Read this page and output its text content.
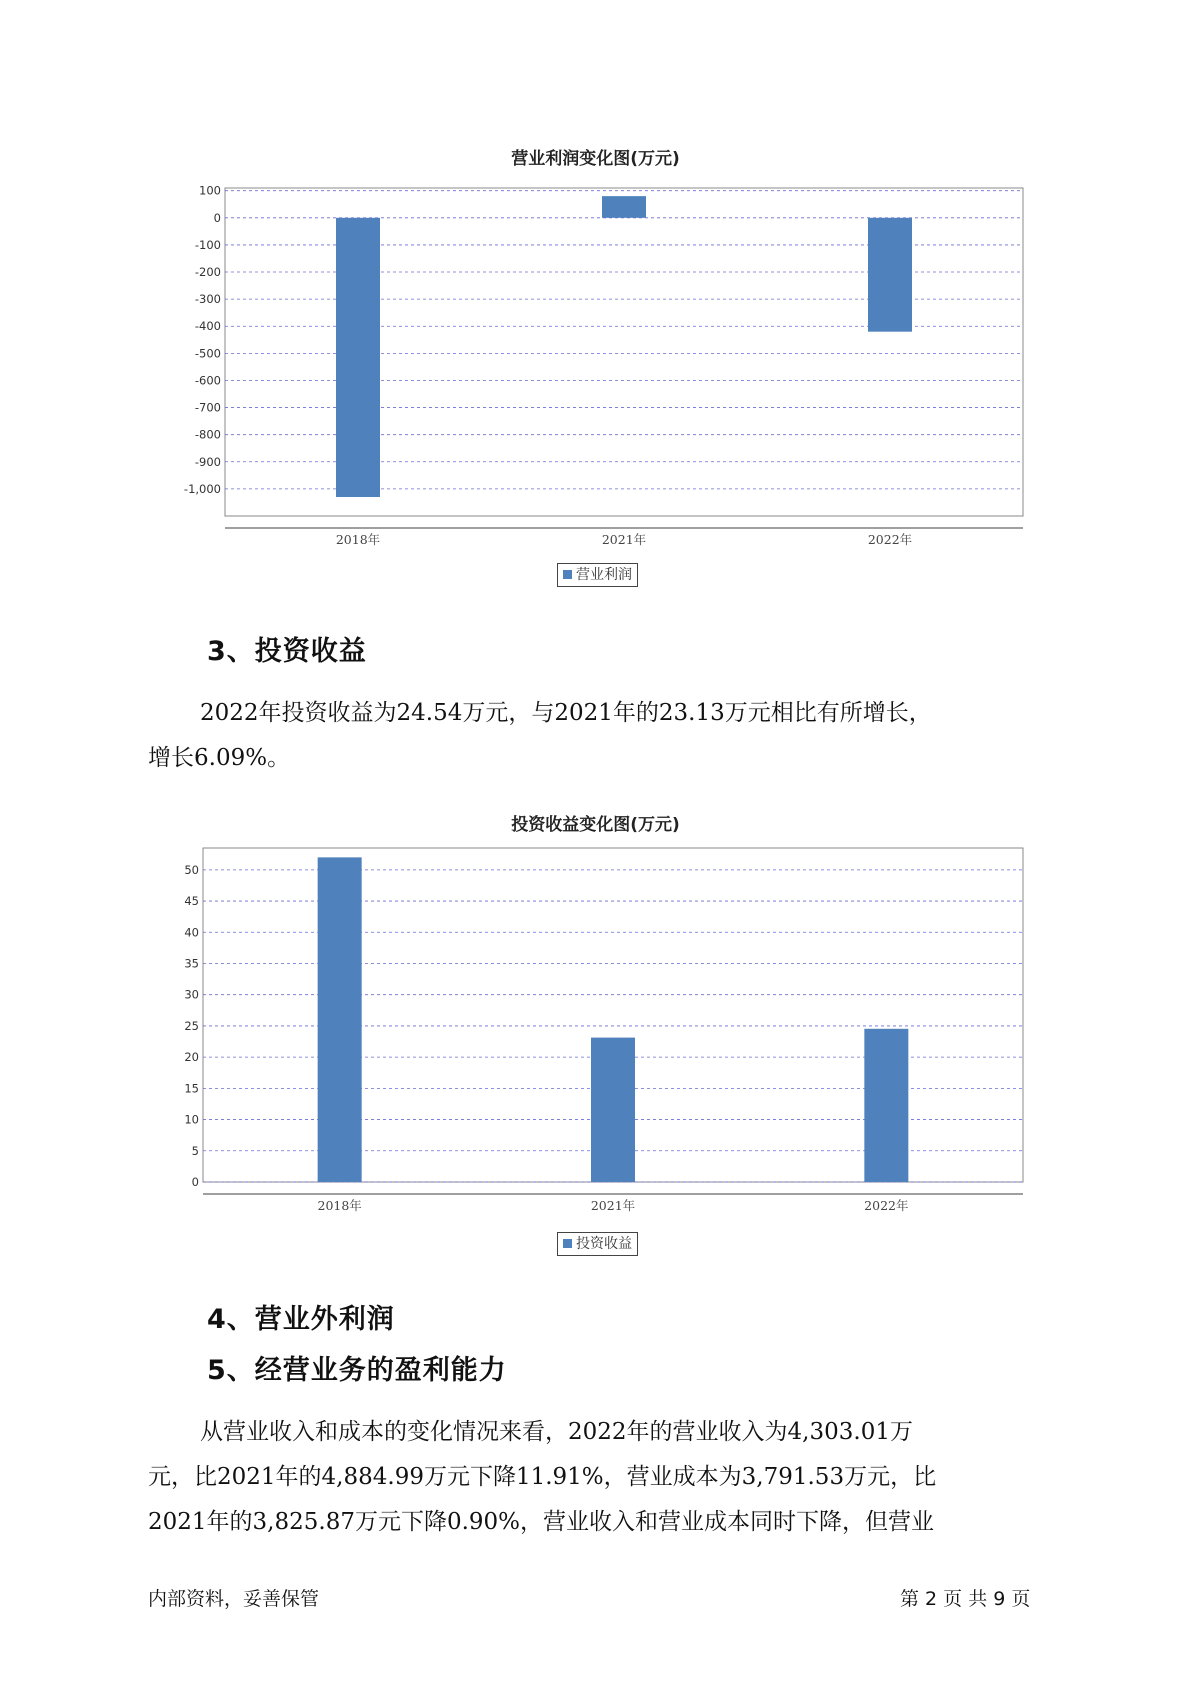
营业利润变化图(万元)
100
0
-100
-200
-300
-400
-500
-600
-700
-800
-900
-1,000
2018年	2021年	2022年
营业利润
3、投资收益
2022年投资收益为24.54万元，与2021年的23.13万元相比有所增长，
增长6.09%。
投资收益变化图(万元)
50
45
40
35
30
25
20
15
10
5
0
2018年	2021年	2022年
投资收益
4、营业外利润
5、经营业务的盈利能力
从营业收入和成本的变化情况来看，2022年的营业收入为4,303.01万
元，比2021年的4,884.99万元下降11.91%，营业成本为3,791.53万元，比
2021年的3,825.87万元下降0.90%，营业收入和营业成本同时下降，但营业
内部资料，妥善保管	第 2 页 共 9 页
